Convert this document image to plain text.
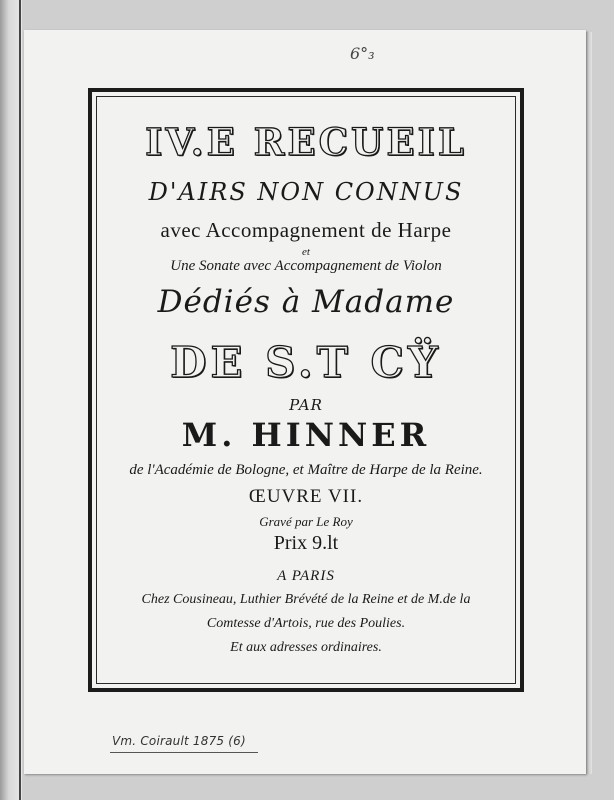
6°₃
IV.E RECUEIL
D'AIRS NON CONNUS
avec Accompagnement de Harpe
et
Une Sonate avec Accompagnement de Violon
Dédiés à Madame
DE S.T CŸ
PAR
M. HINNER
de l'Académie de Bologne, et Maître de Harpe de la Reine.
ŒUVRE VII.
Gravé par Le Roy
Prix 9.lt
A PARIS
Chez Cousineau, Luthier Brévété de la Reine et de M.de la
Comtesse d'Artois, rue des Poulies.
Et aux adresses ordinaires.
Vm. Coirault 1875 (6)
